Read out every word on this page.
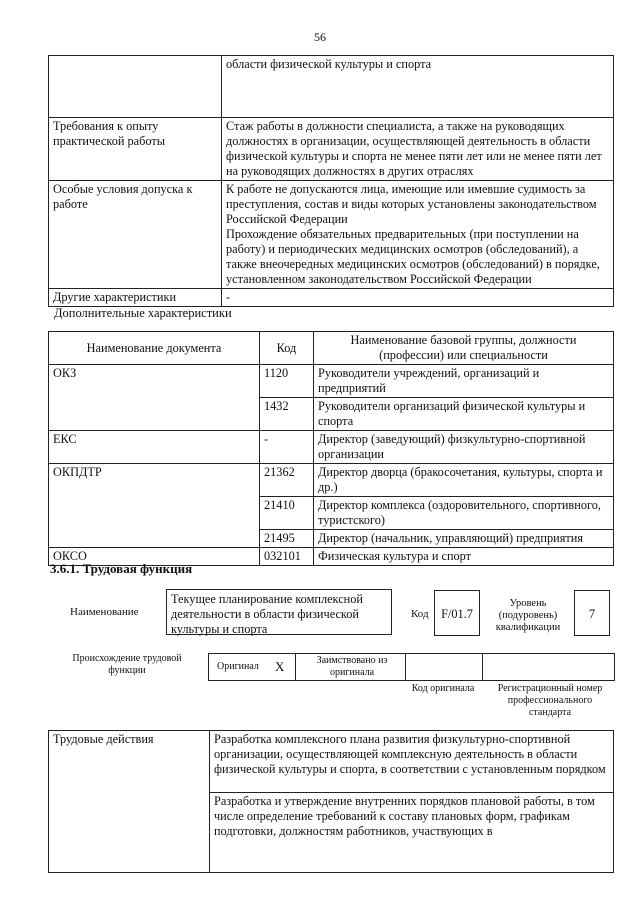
56
	области физической культуры и спорта
Требования к опыту практической работы	Стаж работы в должности специалиста, а также на руководящих должностях в организации, осуществляющей деятельность в области физической культуры и спорта не менее пяти лет или не менее пяти лет на руководящих должностях в других отраслях
Особые условия допуска к работе	К работе не допускаются лица, имеющие или имевшие судимость за преступления, состав и виды которых установлены законодательством Российской Федерации
Прохождение обязательных предварительных (при поступлении на работу) и периодических медицинских осмотров (обследований), а также внеочередных медицинских осмотров (обследований) в порядке, установленном законодательством Российской Федерации

Другие характеристики	-
Дополнительные характеристики
Наименование документа	Код	Наименование базовой группы, должности (профессии) или специальности
ОКЗ	1120	Руководители учреждений, организаций и предприятий
	1432	Руководители организаций физической культуры и спорта
ЕКС	-	Директор (заведующий) физкультурно-спортивной организации
ОКПДТР	21362	Директор дворца (бракосочетания, культуры, спорта и др.)
	21410	Директор комплекса (оздоровительного, спортивного, туристского)
	21495	Директор (начальник, управляющий) предприятия
ОКСО	032101	Физическая культура и спорт
3.6.1. Трудовая функция
Наименование
Текущее планирование комплексной деятельности в области физической культуры и спорта
Код	F/01.7
Уровень (подуровень) квалификации
7
Происхождение трудовой функции	Оригинал X	Заимствовано из оригинала
Код оригинала	Регистрационный номер профессионального стандарта
Трудовые действия	Разработка комплексного плана развития физкультурно-спортивной организации, осуществляющей комплексную деятельность в области физической культуры и спорта, в соответствии с установленным порядком
Разработка и утверждение внутренних порядков плановой работы, в том числе определение требований к составу плановых форм, графикам подготовки, должностям работников, участвующих в
